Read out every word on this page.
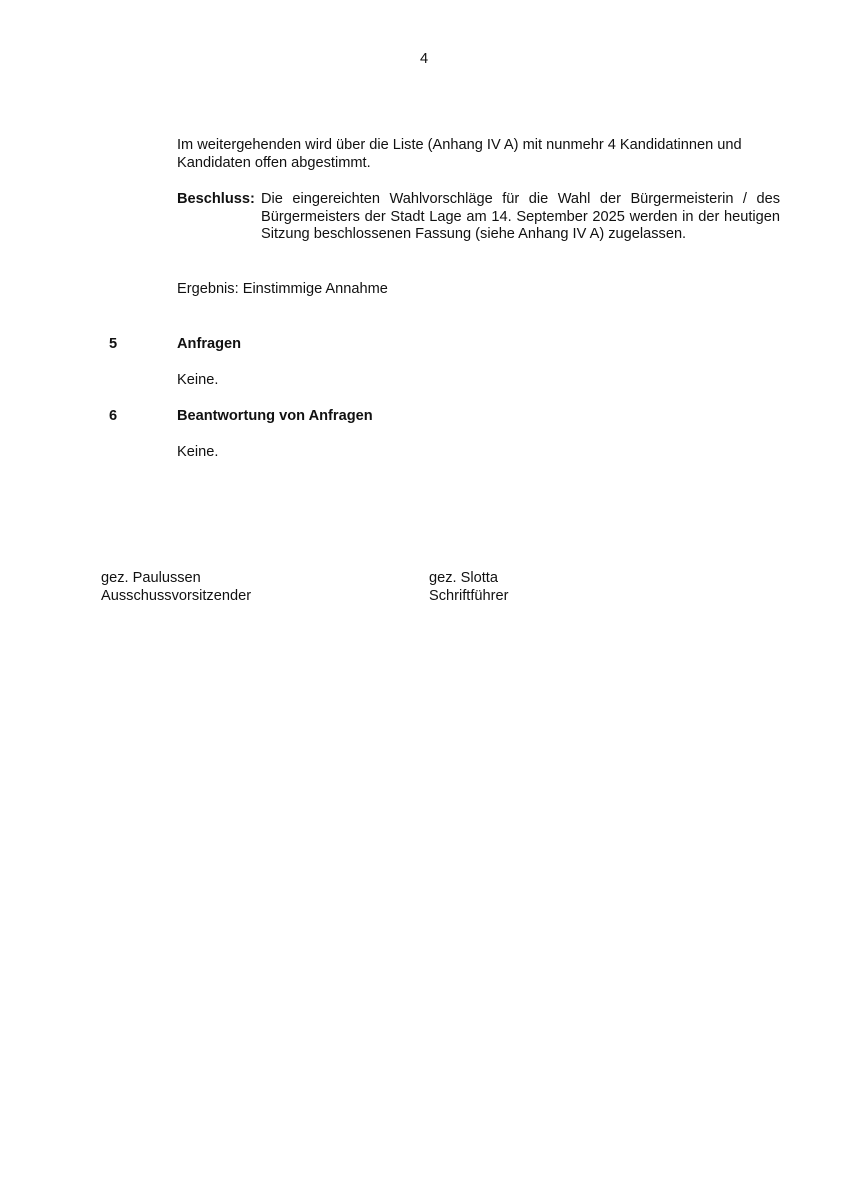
4
Im weitergehenden wird über die Liste (Anhang IV A) mit nunmehr 4 Kandidatinnen und Kandidaten offen abgestimmt.
Beschluss: Die eingereichten Wahlvorschläge für die Wahl der Bürgermeisterin / des Bürgermeisters der Stadt Lage am 14. September 2025 werden in der heutigen Sitzung beschlossenen Fassung (siehe Anhang IV A) zugelassen.
Ergebnis: Einstimmige Annahme
5	Anfragen
Keine.
6	Beantwortung von Anfragen
Keine.
gez. Paulussen
Ausschussvorsitzender
gez. Slotta
Schriftführer
